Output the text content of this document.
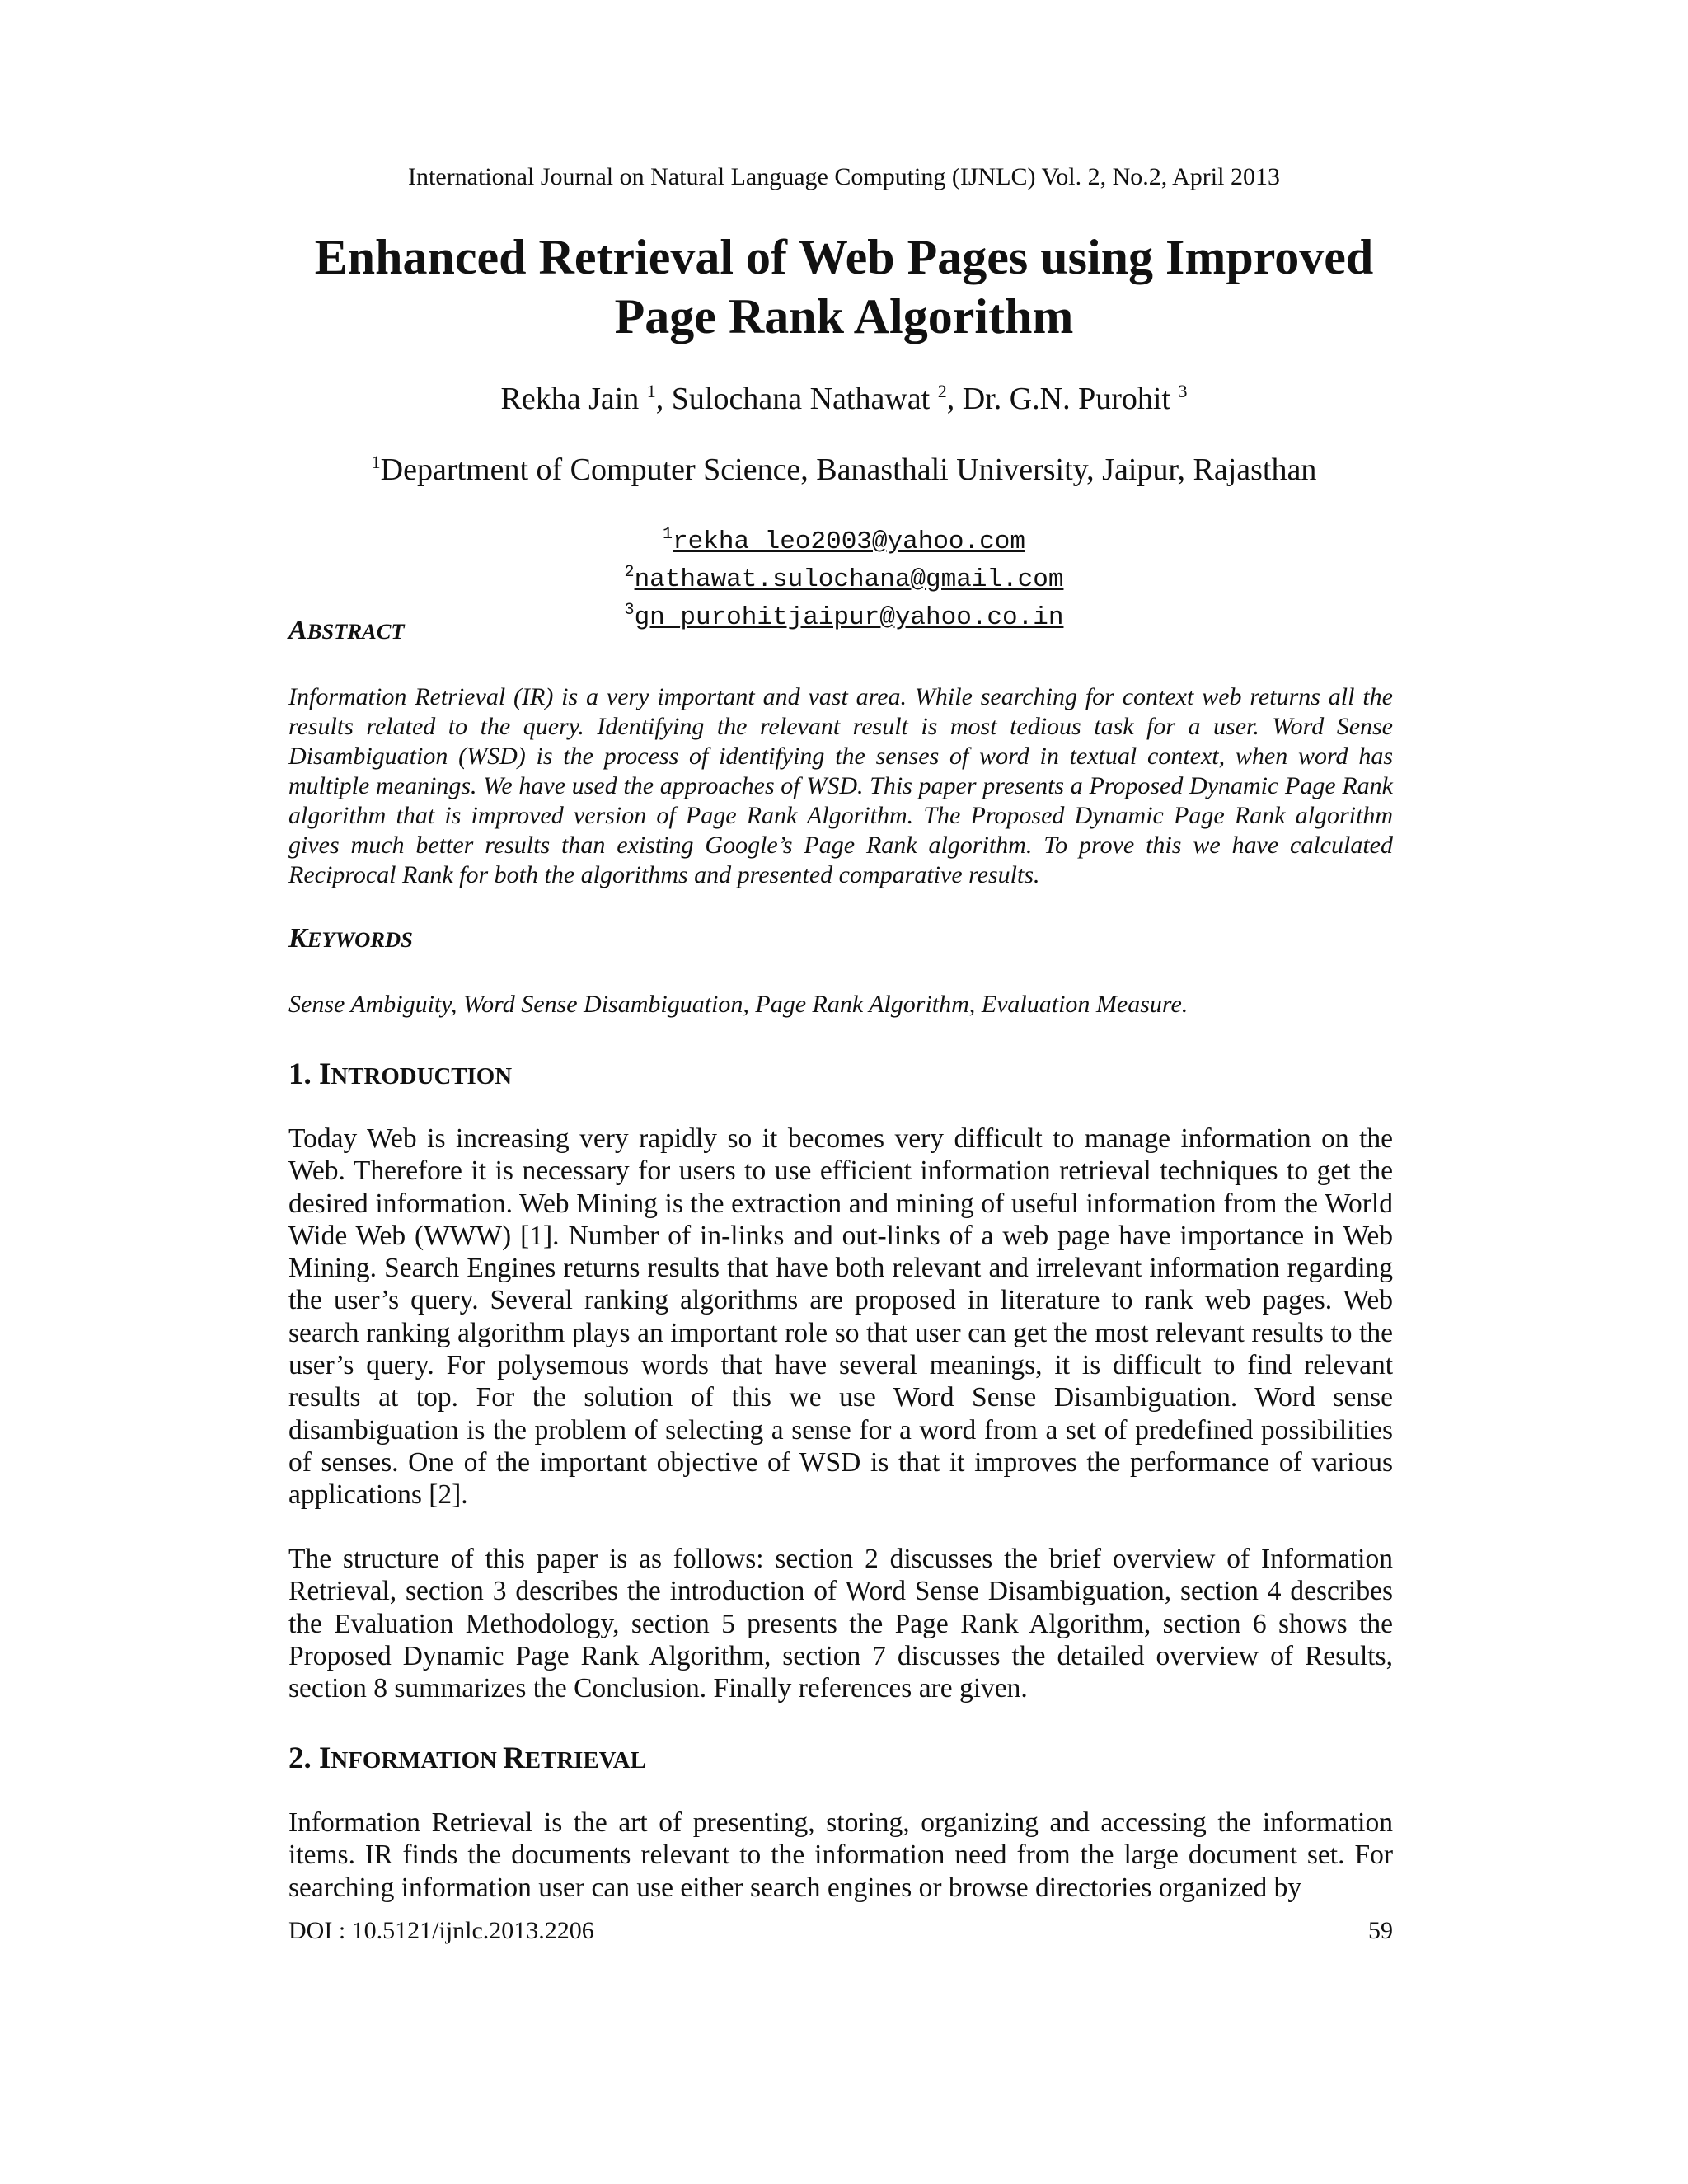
International Journal on Natural Language Computing (IJNLC) Vol. 2, No.2, April 2013
Enhanced Retrieval of Web Pages using Improved
Page Rank Algorithm
Rekha Jain $^1$, Sulochana Nathawat $^2$, Dr. G.N. Purohit $^3$
$^1$Department of Computer Science, Banasthali University, Jaipur, Rajasthan
$^1$rekha_leo2003@yahoo.com
$^2$nathawat.sulochana@gmail.com
$^3$gn_purohitjaipur@yahoo.co.in
ABSTRACT
Information Retrieval (IR) is a very important and vast area. While searching for context web returns all the results related to the query. Identifying the relevant result is most tedious task for a user. Word Sense Disambiguation (WSD) is the process of identifying the senses of word in textual context, when word has multiple meanings. We have used the approaches of WSD. This paper presents a Proposed Dynamic Page Rank algorithm that is improved version of Page Rank Algorithm. The Proposed Dynamic Page Rank algorithm gives much better results than existing Google’s Page Rank algorithm. To prove this we have calculated Reciprocal Rank for both the algorithms and presented comparative results.
KEYWORDS
Sense Ambiguity, Word Sense Disambiguation, Page Rank Algorithm, Evaluation Measure.
1. INTRODUCTION
Today Web is increasing very rapidly so it becomes very difficult to manage information on the Web. Therefore it is necessary for users to use efficient information retrieval techniques to get the desired information. Web Mining is the extraction and mining of useful information from the World Wide Web (WWW) [1]. Number of in-links and out-links of a web page have importance in Web Mining. Search Engines returns results that have both relevant and irrelevant information regarding the user’s query. Several ranking algorithms are proposed in literature to rank web pages. Web search ranking algorithm plays an important role so that user can get the most relevant results to the user’s query. For polysemous words that have several meanings, it is difficult to find relevant results at top. For the solution of this we use Word Sense Disambiguation. Word sense disambiguation is the problem of selecting a sense for a word from a set of predefined possibilities of senses. One of the important objective of WSD is that it improves the performance of various applications [2].
The structure of this paper is as follows: section 2 discusses the brief overview of Information Retrieval, section 3 describes the introduction of Word Sense Disambiguation, section 4 describes the Evaluation Methodology, section 5 presents the Page Rank Algorithm, section 6 shows the Proposed Dynamic Page Rank Algorithm, section 7 discusses the detailed overview of Results, section 8 summarizes the Conclusion. Finally references are given.
2. INFORMATION RETRIEVAL
Information Retrieval is the art of presenting, storing, organizing and accessing the information items. IR finds the documents relevant to the information need from the large document set. For searching information user can use either search engines or browse directories organized by
DOI : 10.5121/ijnlc.2013.2206	59
